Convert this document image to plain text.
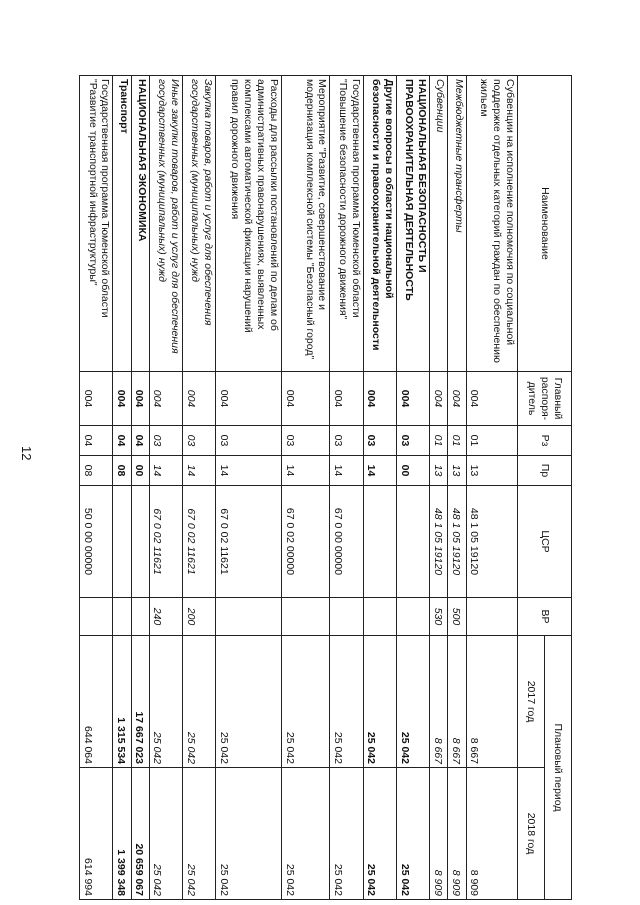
12
Наименование	Главный распоря-дитель	Рз	Пр	ЦСР	ВР	Плановый период	
						2017 год	2018 год
Субвенции на исполнение полномочия по социальной поддержке отдельных категорий граждан по обеспечению жильем	004	01	13	48 1 05 19120		8 667	8 909
Межбюджетные трансферты	004	01	13	48 1 05 19120	500	8 667	8 909
Субвенции	004	01	13	48 1 05 19120	530	8 667	8 909
НАЦИОНАЛЬНАЯ БЕЗОПАСНОСТЬ И ПРАВООХРАНИТЕЛЬНАЯ ДЕЯТЕЛЬНОСТЬ	004	03	00			25 042	25 042
Другие вопросы в области национальной безопасности и правоохранительной деятельности	004	03	14			25 042	25 042
Государственная программа Тюменской области "Повышение безопасности дорожного движения"	004	03	14	67 0 00 00000		25 042	25 042
Мероприятие "Развитие, совершенствование и модернизация комплексной системы "Безопасный город"	004	03	14	67 0 02 00000		25 042	25 042
Расходы для рассылки постановлений по делам об административных правонарушениях, выявленных комплексами автоматической фиксации нарушений правил дорожного движения	004	03	14	67 0 02 11621		25 042	25 042
Закупка товаров, работ и услуг для обеспечения государственных (муниципальных) нужд	004	03	14	67 0 02 11621	200	25 042	25 042
Иные закупки товаров, работ и услуг для обеспечения государственных (муниципальных) нужд	004	03	14	67 0 02 11621	240	25 042	25 042
НАЦИОНАЛЬНАЯ ЭКОНОМИКА	004	04	00			17 667 023	20 659 067
Транспорт	004	04	08			1 315 534	1 399 348
Государственная программа Тюменской области "Развитие транспортной инфраструктуры"	004	04	08	50 0 00 00000		644 064	614 994
